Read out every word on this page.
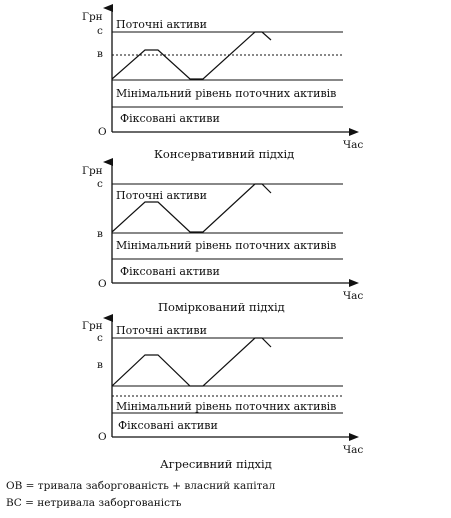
Грн
Час
с
в
О
Поточні активи
Мінімальний рівень поточних активів
Фіксовані активи
Консервативний підхід
Грн
Час
с
в
О
Поточні активи
Мінімальний рівень поточних активів
Фіксовані активи
Поміркований підхід
Грн
Час
с
в
О
Поточні активи
Мінімальний рівень поточних активів
Фіксовані активи
Агресивний підхід
ОВ = тривала заборгованість + власний капітал
ВС = нетривала заборгованість
